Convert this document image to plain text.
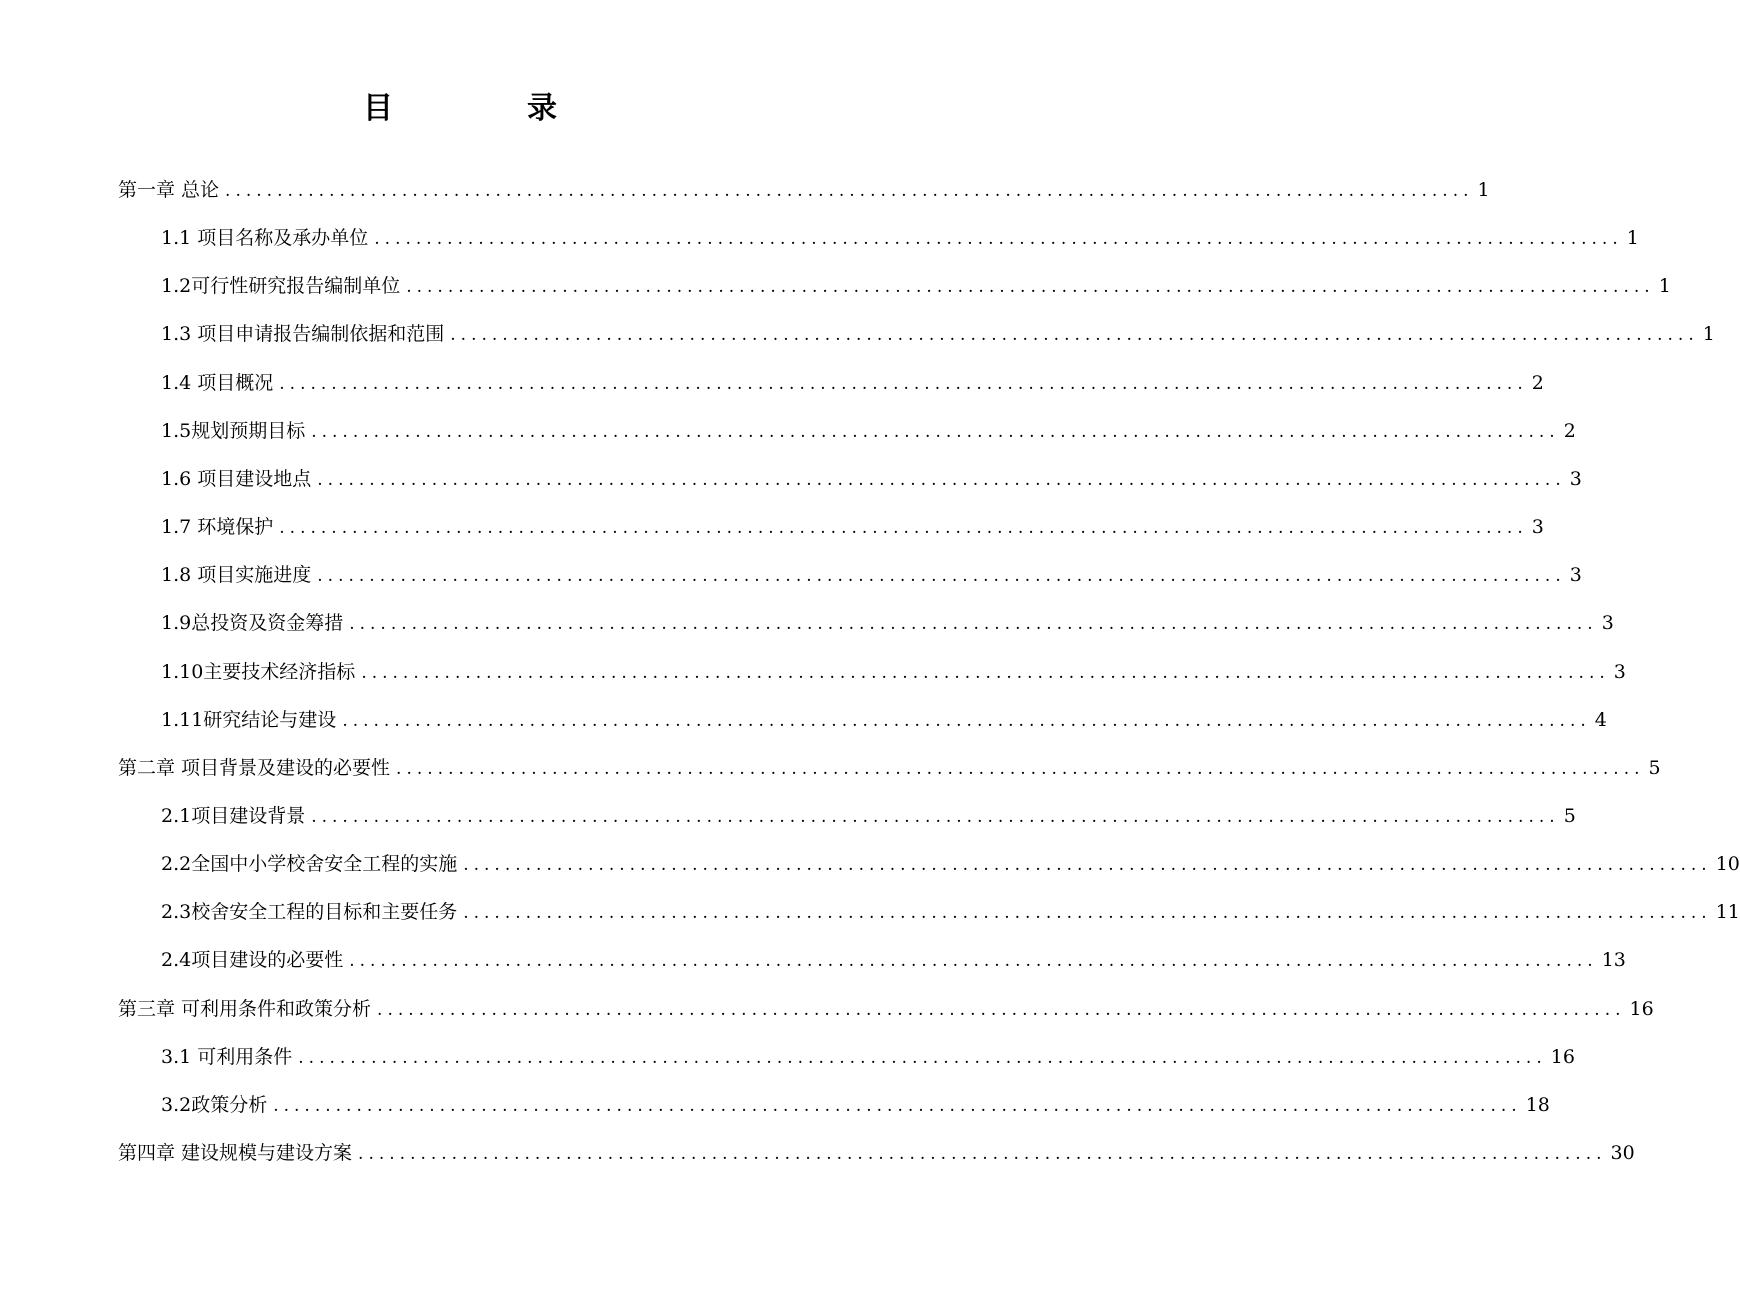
目　录
第一章 总论 ........................................................................................................................ 1
1.1 项目名称及承办单位 ........................................................................................................................ 1
1.2可行性研究报告编制单位 ........................................................................................................................ 1
1.3 项目申请报告编制依据和范围 ........................................................................................................................ 1
1.4 项目概况 ........................................................................................................................ 2
1.5规划预期目标 ........................................................................................................................ 2
1.6 项目建设地点 ........................................................................................................................ 3
1.7 环境保护 ........................................................................................................................ 3
1.8 项目实施进度 ........................................................................................................................ 3
1.9总投资及资金筹措 ........................................................................................................................ 3
1.10主要技术经济指标 ........................................................................................................................ 3
1.11研究结论与建设 ........................................................................................................................ 4
第二章 项目背景及建设的必要性 ........................................................................................................................ 5
2.1项目建设背景 ........................................................................................................................ 5
2.2全国中小学校舍安全工程的实施 ........................................................................................................................ 10
2.3校舍安全工程的目标和主要任务 ........................................................................................................................ 11
2.4项目建设的必要性 ........................................................................................................................ 13
第三章 可利用条件和政策分析 ........................................................................................................................ 16
3.1 可利用条件 ........................................................................................................................ 16
3.2政策分析 ........................................................................................................................ 18
第四章 建设规模与建设方案 ........................................................................................................................ 30
